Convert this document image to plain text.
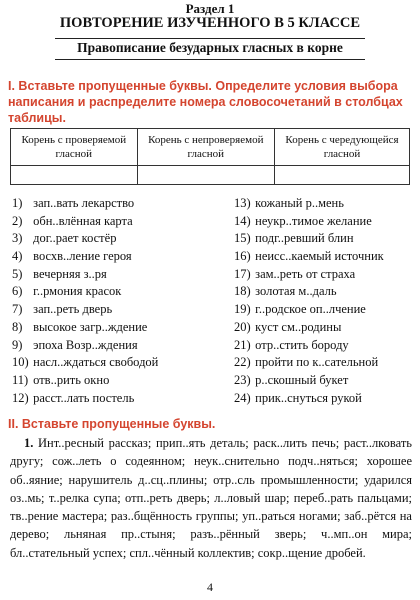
Раздел 1
ПОВТОРЕНИЕ ИЗУЧЕННОГО В 5 КЛАССЕ
Правописание безударных гласных в корне
I. Вставьте пропущенные буквы. Определите условия выбора написания и распределите номера словосочетаний в столбцах таблицы.
Корень с проверяемой гласной	Корень с непроверяемой гласной	Корень с чередующейся гласной

1) зап..вать лекарство
2) обн..влённая карта
3) дог..рает костёр
4) восхв..ление героя
5) вечерняя з..ря
6) г..рмония красок
7) зап..реть дверь
8) высокое загр..ждение
9) эпоха Возр..ждения
10) насл..ждаться свободой
11) отв..рить окно
12) расст..лать постель
13) кожаный р..мень
14) неукр..тимое желание
15) подг..ревший блин
16) неисс..каемый источник
17) зам..реть от страха
18) золотая м..даль
19) г..родское оп..лчение
20) куст см..родины
21) отр..стить бороду
22) пройти по к..сательной
23) р..скошный букет
24) прик..снуться рукой
II. Вставьте пропущенные буквы.
1. Инт..ресный рассказ; прип..ять деталь; раск..лить печь; раст..лковать другу; сож..леть о содеянном; неук..снительно подч..няться; хорошее об..яяние; нарушитель д..сц..плины; отр..сль промышленности; ударился оз..мь; т..релка супа; отп..реть дверь; л..ловый шар; переб..рать пальцами; тв..рение мастера; раз..бщённость группы; уп..раться ногами; заб..рётся на дерево; льняная пр..стыня; разъ..рённый зверь; ч..мп..он мира; бл..стательный успех; спл..чённый коллектив; сокр..щение дробей.
4
